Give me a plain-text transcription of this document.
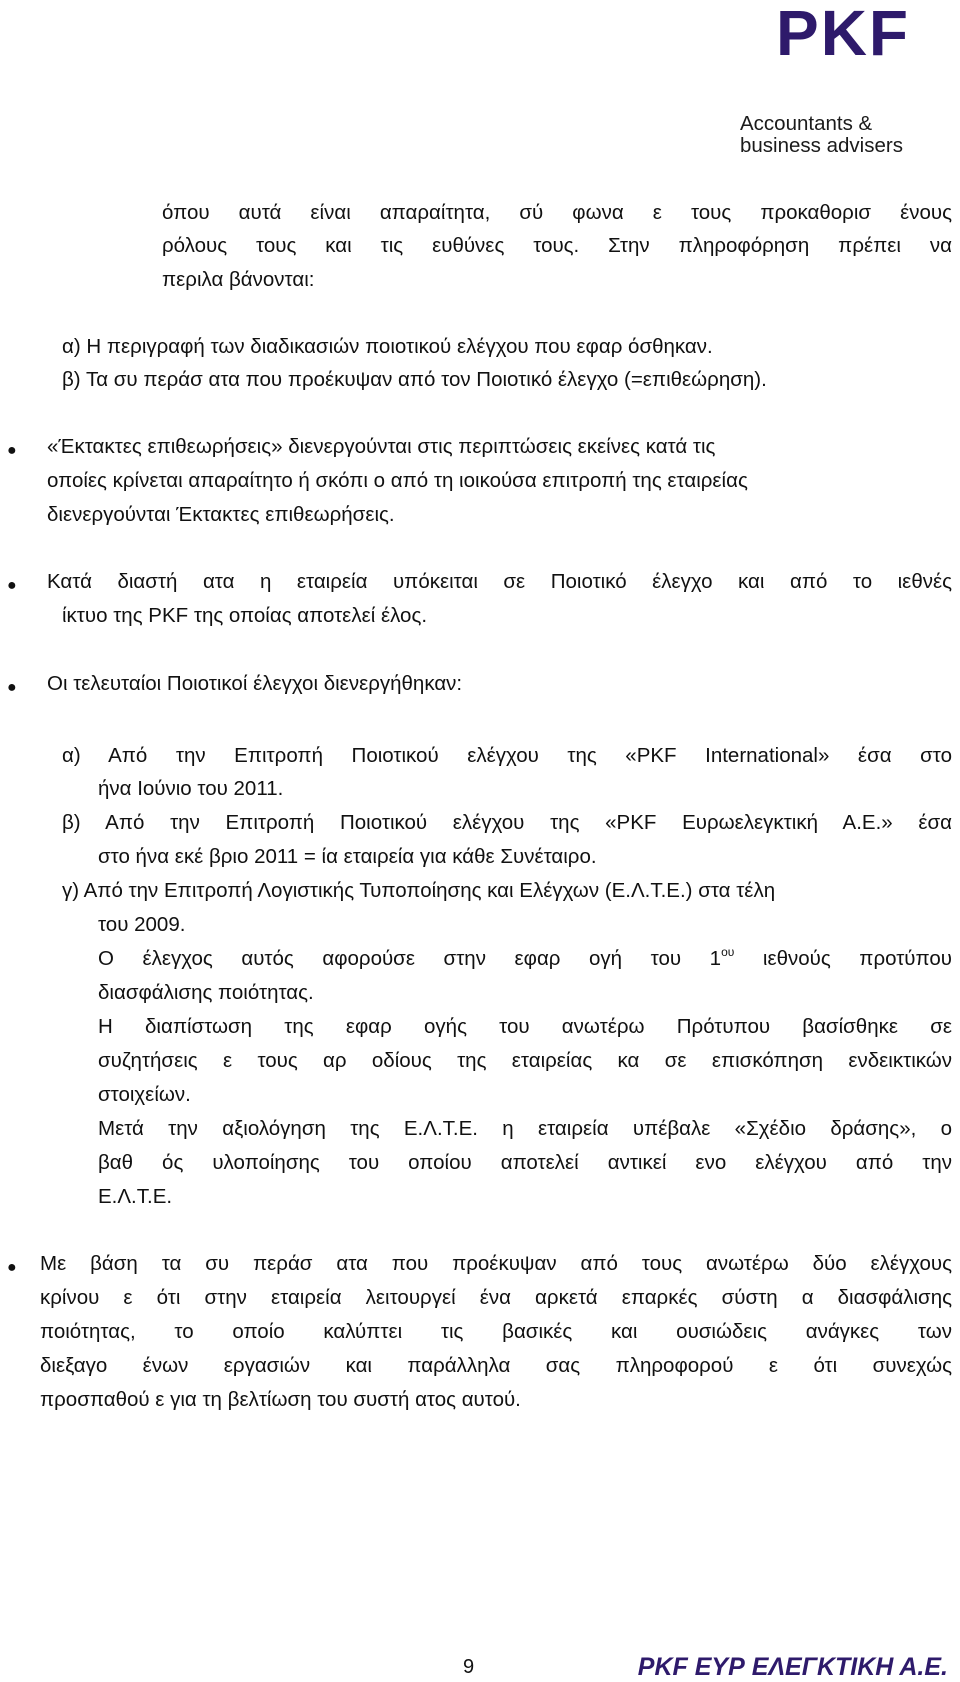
PKF
Accountants &
business advisers
όπου αυτά είναι απαραίτητα, σύ φωνα ε τους προκαθορισ ένους
ρόλους τους και τις ευθύνες τους. Στην πληροφόρηση πρέπει να
περιλα βάνονται:
α) Η περιγραφή των διαδικασιών ποιοτικού ελέγχου που εφαρ όσθηκαν.
β) Τα συ περάσ ατα που προέκυψαν από τον Ποιοτικό έλεγχο (=επιθεώρηση).
● «Έκτακτες επιθεωρήσεις» διενεργούνται στις περιπτώσεις εκείνες κατά τις
οποίες κρίνεται απαραίτητο ή σκόπι ο από τη ιοικούσα επιτροπή της εταιρείας
διενεργούνται Έκτακτες επιθεωρήσεις.
● Κατά διαστή ατα η εταιρεία υπόκειται σε Ποιοτικό έλεγχο και από το ιεθνές
ίκτυο της PKF της οποίας αποτελεί έλος.
● Οι τελευταίοι Ποιοτικοί έλεγχοι διενεργήθηκαν:
α) Από την Επιτροπή Ποιοτικού ελέγχου της «PKF International» έσα στο
ήνα Ιούνιο του 2011.
β) Από την Επιτροπή Ποιοτικού ελέγχου της «PKF Ευρωελεγκτική Α.Ε.» έσα
στο ήνα εκέ βριο 2011 = ία εταιρεία για κάθε Συνέταιρο.
γ) Από την Επιτροπή Λογιστικής Τυποποίησης και Ελέγχων (Ε.Λ.Τ.Ε.) στα τέλη
του 2009.
Ο έλεγχος αυτός αφορούσε στην εφαρ ογή του $1^{o\upsilon}$ ιεθνούς προτύπου
διασφάλισης ποιότητας.
Η διαπίστωση της εφαρ ογής του ανωτέρω Πρότυπου βασίσθηκε σε
συζητήσεις ε τους αρ οδίους της εταιρείας κα σε επισκόπηση ενδεικτικών
στοιχείων.
Μετά την αξιολόγηση της Ε.Λ.Τ.Ε. η εταιρεία υπέβαλε «Σχέδιο δράσης», ο
βαθ ός υλοποίησης του οποίου αποτελεί αντικεί ενο ελέγχου από την
Ε.Λ.Τ.Ε.
● Με βάση τα συ περάσ ατα που προέκυψαν από τους ανωτέρω δύο ελέγχους
κρίνου ε ότι στην εταιρεία λειτουργεί ένα αρκετά επαρκές σύστη α διασφάλισης
ποιότητας, το οποίο καλύπτει τις βασικές και ουσιώδεις ανάγκες των
διεξαγο ένων εργασιών και παράλληλα σας πληροφορού ε ότι συνεχώς
προσπαθού ε για τη βελτίωση του συστή ατος αυτού.
9	PKF ΕΥΡ ΕΛΕΓΚΤΙΚΗ Α.Ε.
